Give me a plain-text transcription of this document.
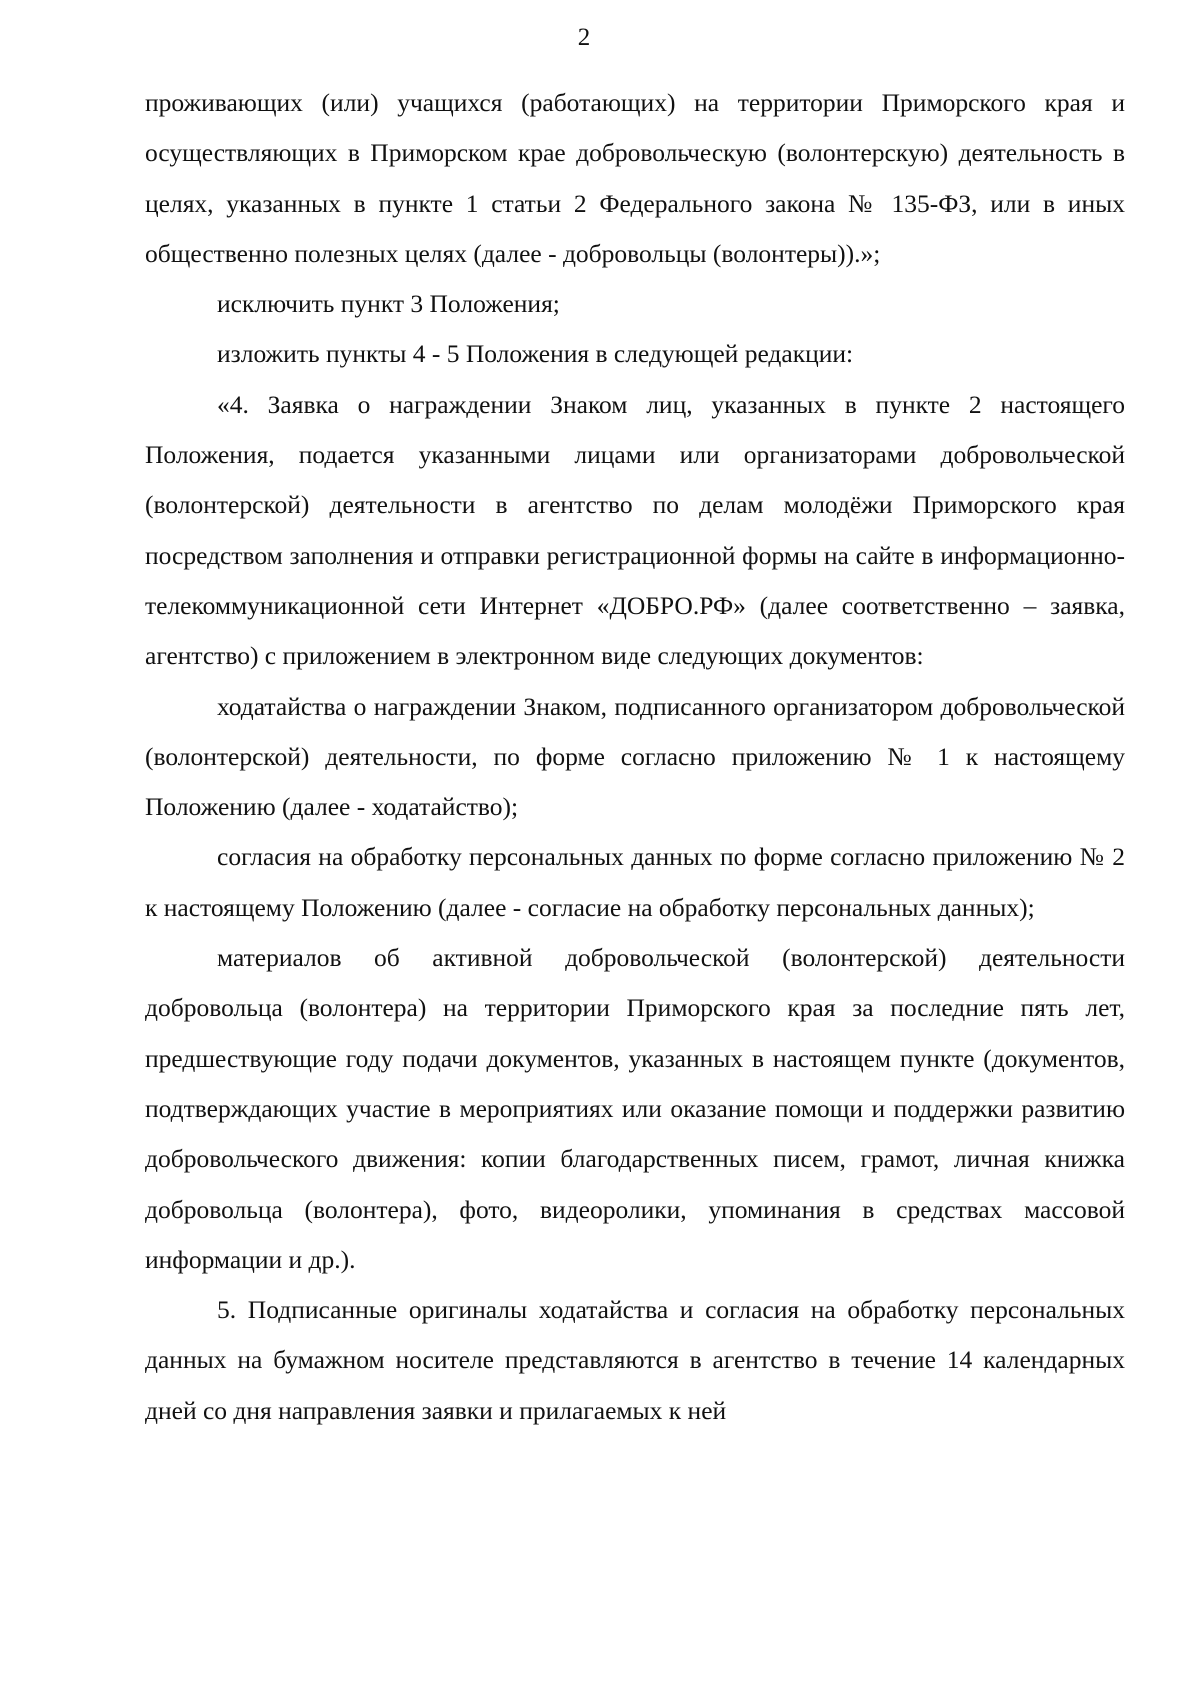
2

проживающих (или) учащихся (работающих) на территории Приморского края и осуществляющих в Приморском крае добровольческую (волонтерскую) деятельность в целях, указанных в пункте 1 статьи 2 Федерального закона № 135-ФЗ, или в иных общественно полезных целях (далее - добровольцы (волонтеры)).»;

исключить пункт 3 Положения;

изложить пункты 4 - 5 Положения в следующей редакции:

«4. Заявка о награждении Знаком лиц, указанных в пункте 2 настоящего Положения, подается указанными лицами или организаторами добровольческой (волонтерской) деятельности в агентство по делам молодёжи Приморского края посредством заполнения и отправки регистрационной формы на сайте в информационно-телекоммуникационной сети Интернет «ДОБРО.РФ» (далее соответственно – заявка, агентство) с приложением в электронном виде следующих документов:

ходатайства о награждении Знаком, подписанного организатором добровольческой (волонтерской) деятельности, по форме согласно приложению № 1 к настоящему Положению (далее - ходатайство);

согласия на обработку персональных данных по форме согласно приложению № 2 к настоящему Положению (далее - согласие на обработку персональных данных);

материалов об активной добровольческой (волонтерской) деятельности добровольца (волонтера) на территории Приморского края за последние пять лет, предшествующие году подачи документов, указанных в настоящем пункте (документов, подтверждающих участие в мероприятиях или оказание помощи и поддержки развитию добровольческого движения: копии благодарственных писем, грамот, личная книжка добровольца (волонтера), фото, видеоролики, упоминания в средствах массовой информации и др.).

5. Подписанные оригиналы ходатайства и согласия на обработку персональных данных на бумажном носителе представляются в агентство в течение 14 календарных дней со дня направления заявки и прилагаемых к ней
